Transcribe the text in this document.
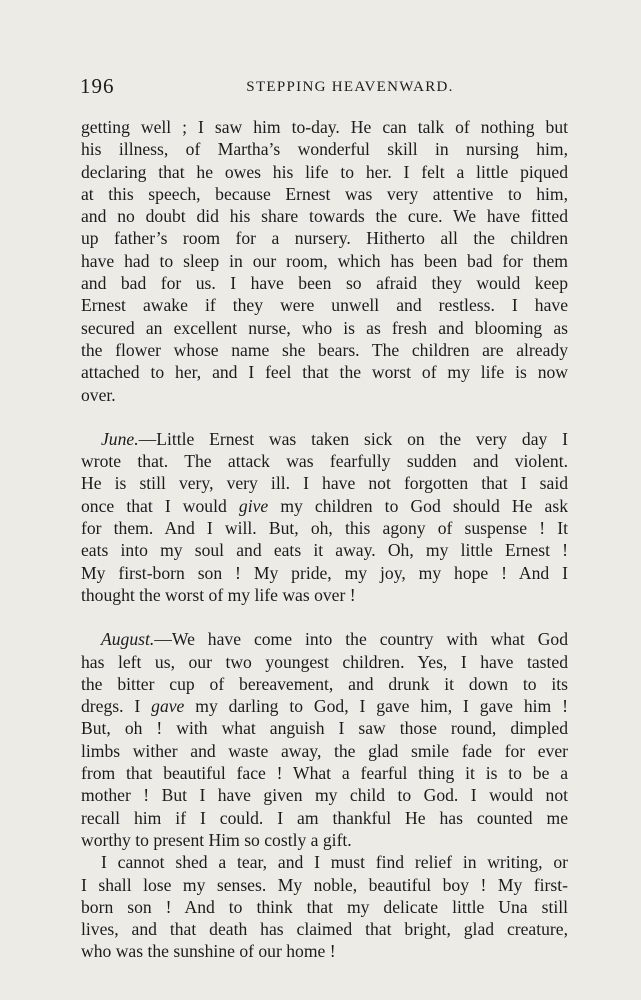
196	STEPPING HEAVENWARD.
getting well ; I saw him to-day. He can talk of nothing but
his illness, of Martha’s wonderful skill in nursing him,
declaring that he owes his life to her. I felt a little piqued
at this speech, because Ernest was very attentive to him,
and no doubt did his share towards the cure. We have fitted
up father’s room for a nursery. Hitherto all the children
have had to sleep in our room, which has been bad for them
and bad for us. I have been so afraid they would keep
Ernest awake if they were unwell and restless. I have
secured an excellent nurse, who is as fresh and blooming as
the flower whose name she bears. The children are already
attached to her, and I feel that the worst of my life is now
over.
June.—Little Ernest was taken sick on the very day I
wrote that. The attack was fearfully sudden and violent.
He is still very, very ill. I have not forgotten that I said
once that I would give my children to God should He ask
for them. And I will. But, oh, this agony of suspense ! It
eats into my soul and eats it away. Oh, my little Ernest !
My first-born son ! My pride, my joy, my hope ! And I
thought the worst of my life was over !
August.—We have come into the country with what God
has left us, our two youngest children. Yes, I have tasted
the bitter cup of bereavement, and drunk it down to its
dregs. I gave my darling to God, I gave him, I gave him !
But, oh ! with what anguish I saw those round, dimpled
limbs wither and waste away, the glad smile fade for ever
from that beautiful face ! What a fearful thing it is to be a
mother ! But I have given my child to God. I would not
recall him if I could. I am thankful He has counted me
worthy to present Him so costly a gift.
I cannot shed a tear, and I must find relief in writing, or
I shall lose my senses. My noble, beautiful boy ! My first-
born son ! And to think that my delicate little Una still
lives, and that death has claimed that bright, glad creature,
who was the sunshine of our home !
